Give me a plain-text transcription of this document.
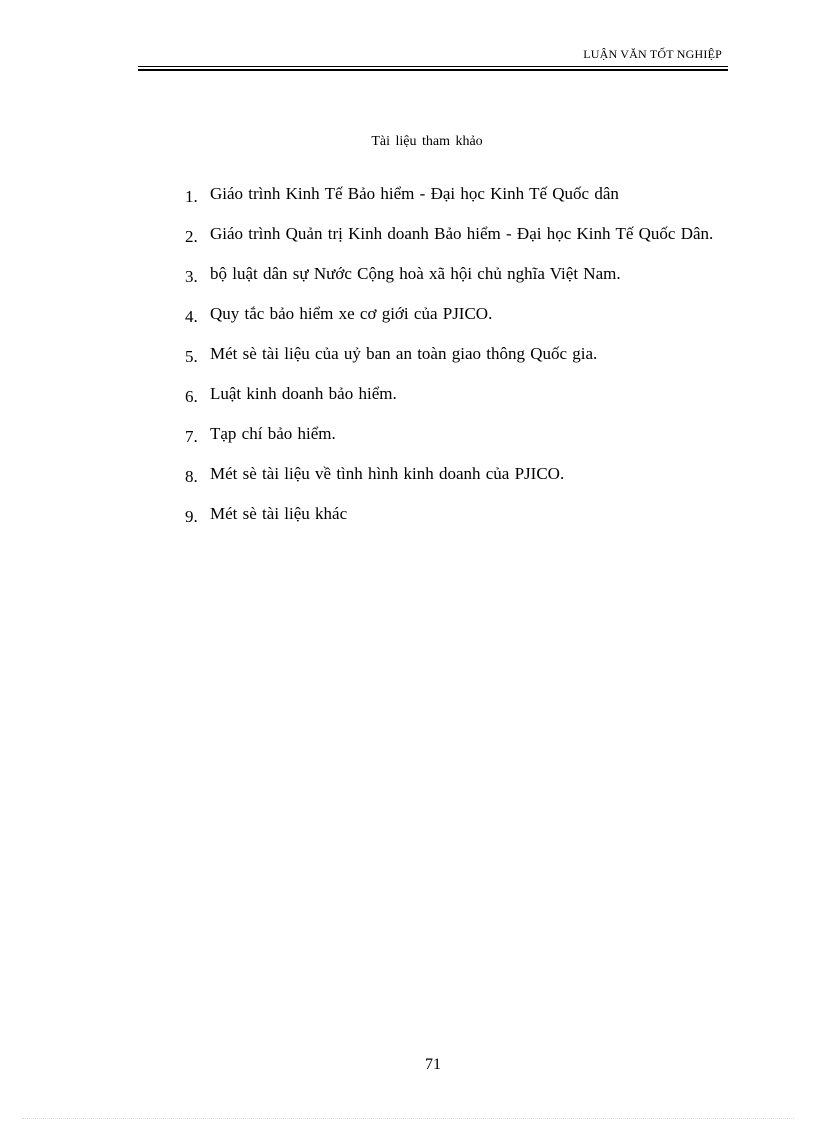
LUẬN VĂN TỐT NGHIỆP
Tài liệu tham khảo
1. Giáo trình Kinh Tế Bảo hiểm - Đại học Kinh Tế Quốc dân
2. Giáo trình Quản trị Kinh doanh Bảo hiểm - Đại học Kinh Tế Quốc Dân.
3. bộ luật dân sự Nước Cộng hoà xã hội chủ nghĩa Việt Nam.
4. Quy tắc bảo hiểm xe cơ giới của PJICO.
5. Mét sè tài liệu của uỷ ban an toàn giao thông Quốc gia.
6. Luật kinh doanh bảo hiểm.
7. Tạp chí bảo hiểm.
8. Mét sè tài liệu về tình hình kinh doanh của PJICO.
9. Mét sè tài liệu khác
71
